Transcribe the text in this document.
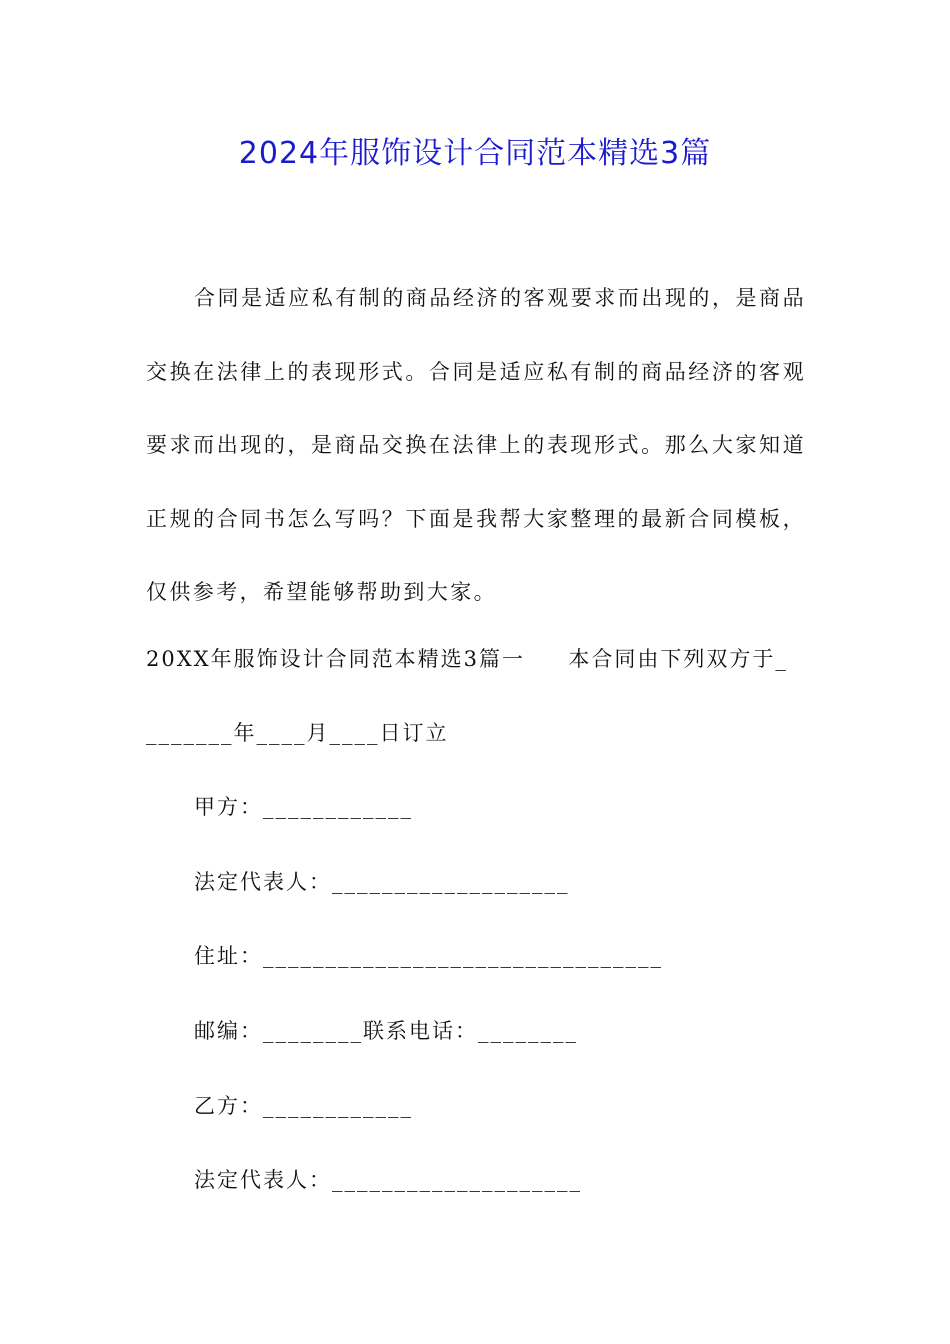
2024年服饰设计合同范本精选3篇

合同是适应私有制的商品经济的客观要求而出现的，是商品交换在法律上的表现形式。合同是适应私有制的商品经济的客观要求而出现的，是商品交换在法律上的表现形式。那么大家知道正规的合同书怎么写吗？下面是我帮大家整理的最新合同模板，仅供参考，希望能够帮助到大家。

20XX年服饰设计合同范本精选3篇一     本合同由下列双方于_
_______年____月____日订立
甲方：____________
法定代表人：___________________
住址：________________________________
邮编：________联系电话：________
乙方：____________
法定代表人：____________________
